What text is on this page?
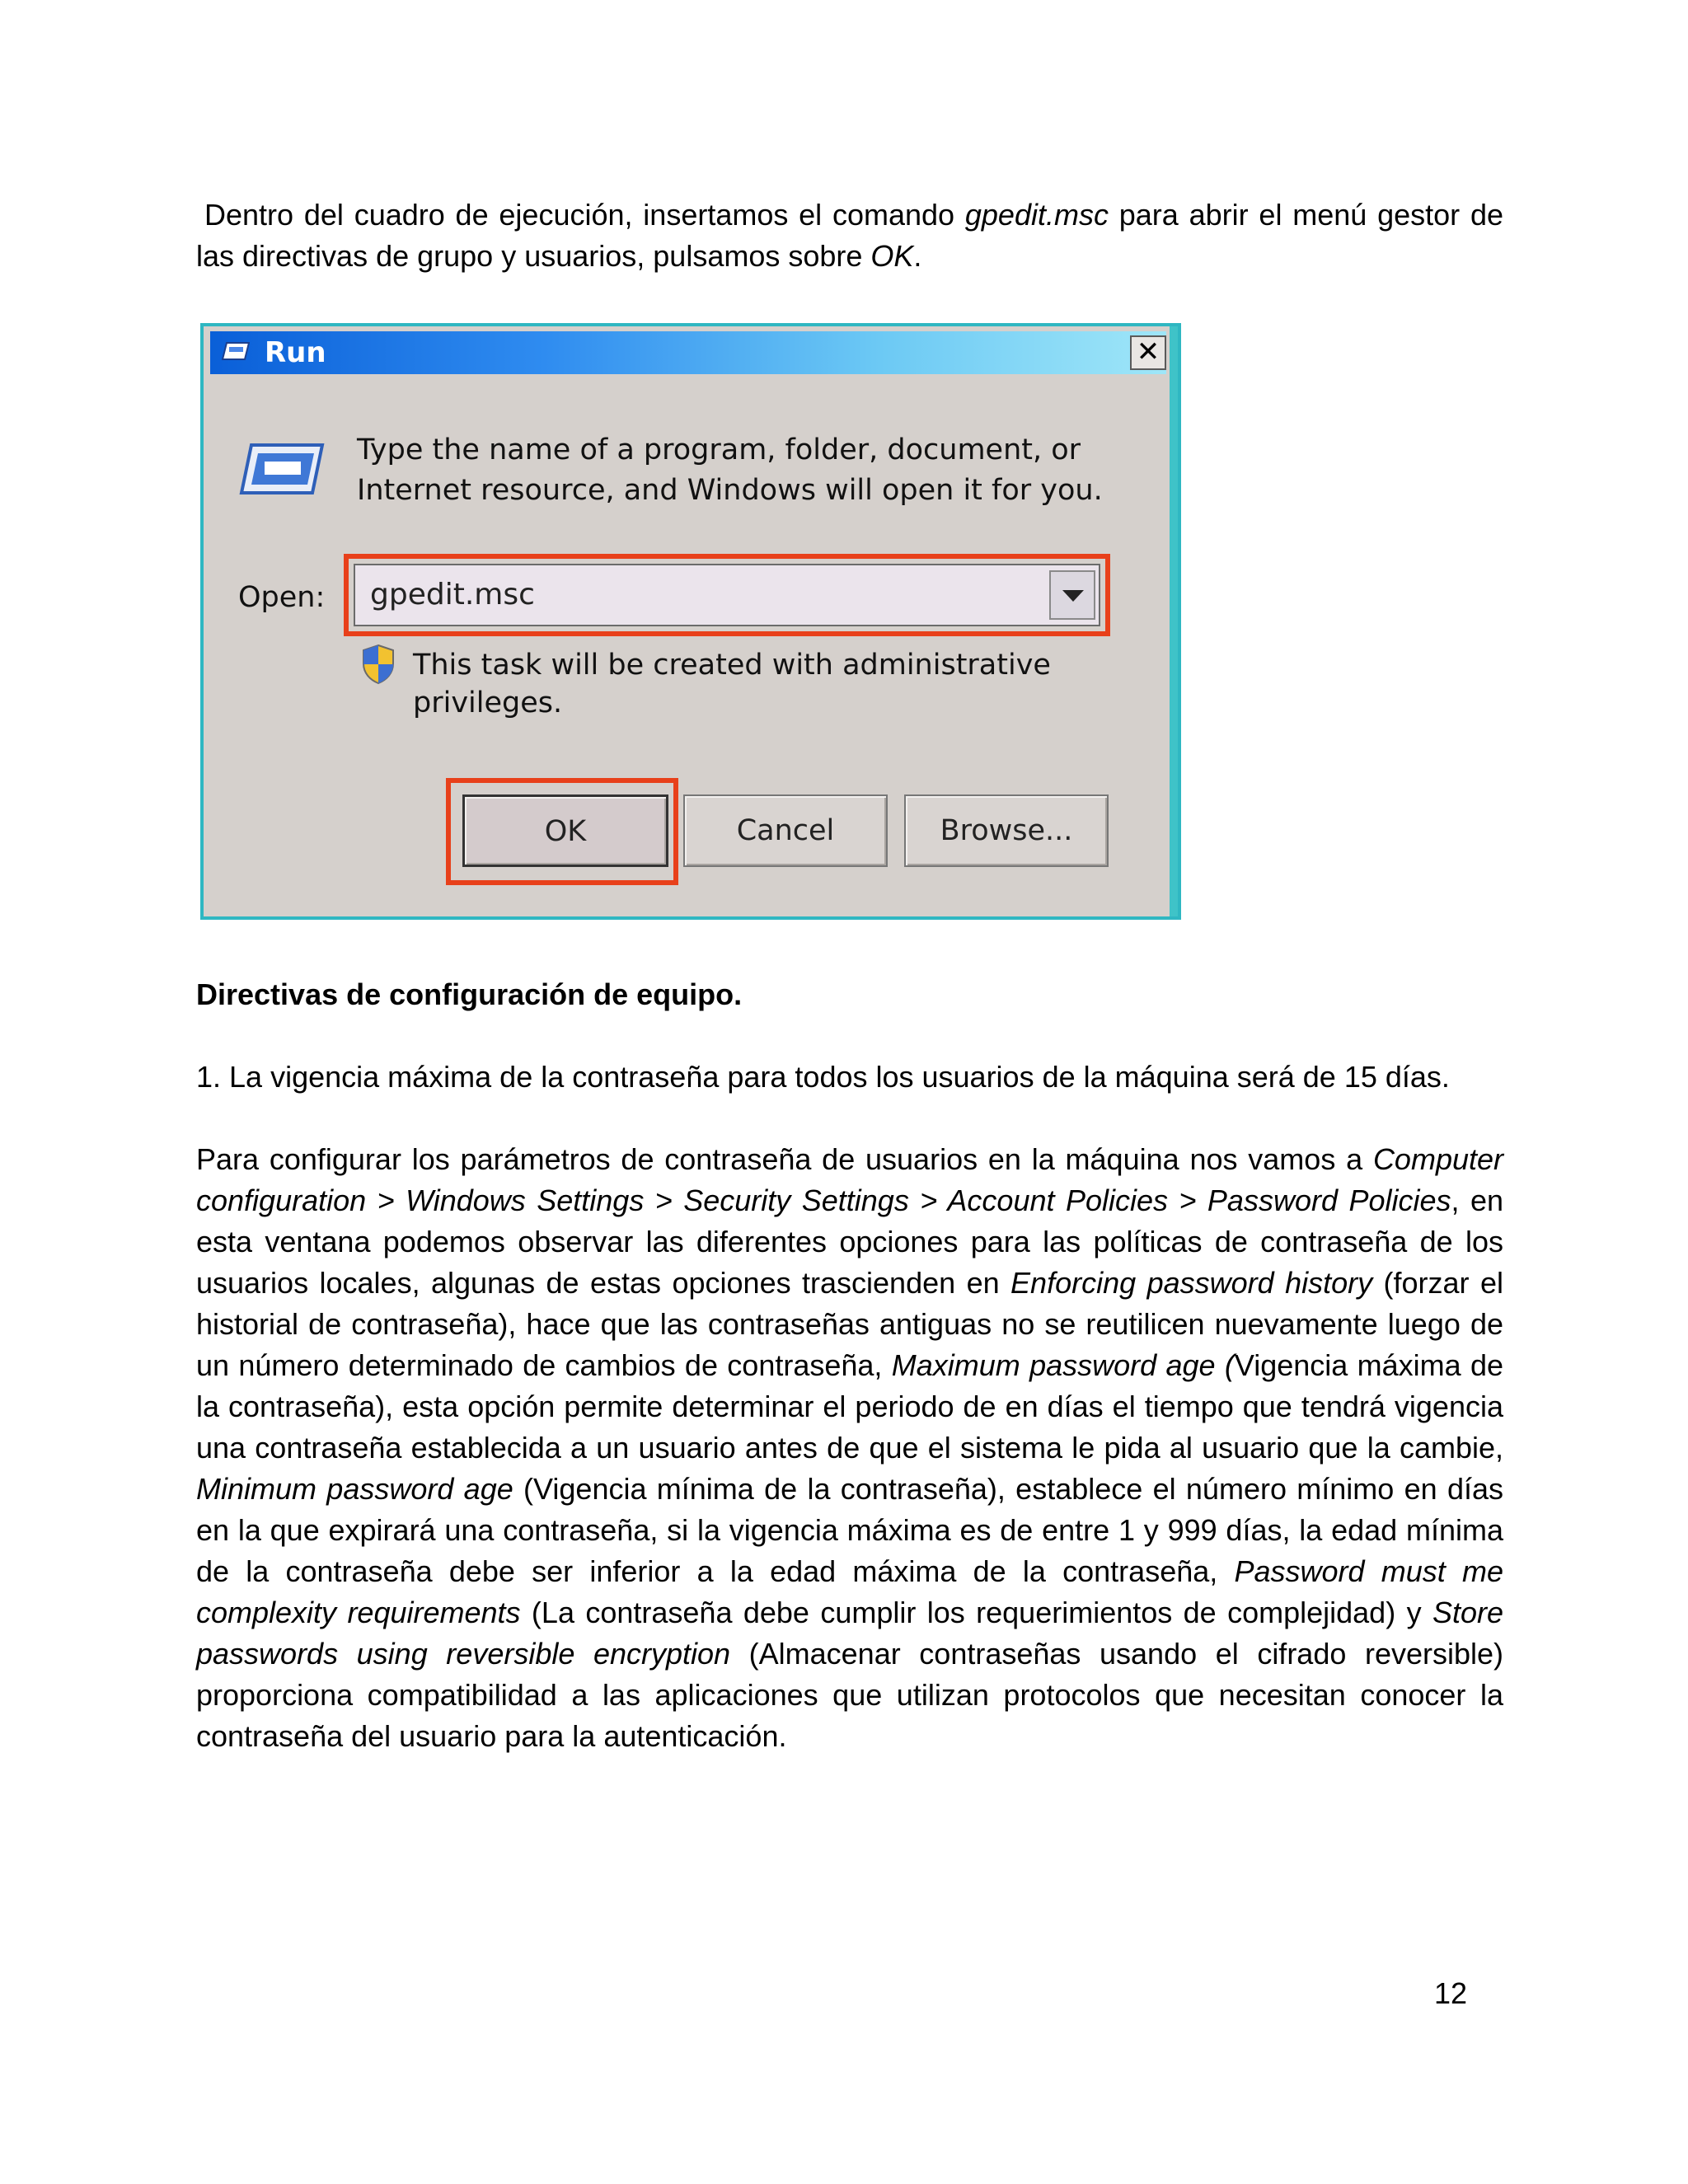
Dentro del cuadro de ejecución, insertamos el comando gpedit.msc para abrir el menú gestor de las directivas de grupo y usuarios, pulsamos sobre OK.

Run	✕
Type the name of a program, folder, document, or
Internet resource, and Windows will open it for you.
Open: gpedit.msc
This task will be created with administrative privileges.
OK	Cancel	Browse...

Directivas de configuración de equipo.

1. La vigencia máxima de la contraseña para todos los usuarios de la máquina será de 15 días.

Para configurar los parámetros de contraseña de usuarios en la máquina nos vamos a Computer configuration > Windows Settings > Security Settings > Account Policies > Password Policies, en esta ventana podemos observar las diferentes opciones para las políticas de contraseña de los usuarios locales, algunas de estas opciones trascienden en Enforcing password history (forzar el historial de contraseña), hace que las contraseñas antiguas no se reutilicen nuevamente luego de un número determinado de cambios de contraseña, Maximum password age (Vigencia máxima de la contraseña), esta opción permite determinar el periodo de en días el tiempo que tendrá vigencia una contraseña establecida a un usuario antes de que el sistema le pida al usuario que la cambie, Minimum password age (Vigencia mínima de la contraseña), establece el número mínimo en días en la que expirará una contraseña, si la vigencia máxima es de entre 1 y 999 días, la edad mínima de la contraseña debe ser inferior a la edad máxima de la contraseña, Password must me complexity requirements (La contraseña debe cumplir los requerimientos de complejidad) y Store passwords using reversible encryption (Almacenar contraseñas usando el cifrado reversible) proporciona compatibilidad a las aplicaciones que utilizan protocolos que necesitan conocer la contraseña del usuario para la autenticación.

12
